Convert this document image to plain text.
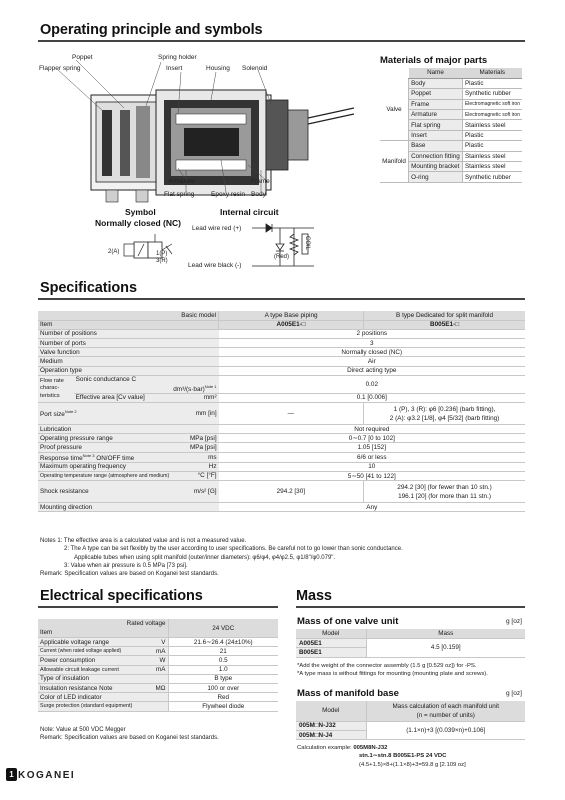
Operating principle and symbols
Poppet	Spring holder
Flapper spring	Insert	Housing Solenoid
Armature	Frame
Flat spring	Epoxy resin Body
Symbol
Normally closed (NC)
2(A)	1(P)
3(R)
Internal circuit
Lead wire red (+)
Lead wire black (-)
(Red)
COIL
Materials of major parts
	Name	Materials
Valve	Body	Plastic
	Poppet	Synthetic rubber
	Frame	Electromagnetic soft iron
	Armature	Electromagnetic soft iron
	Flat spring	Stainless steel
	Insert	Plastic
Manifold	Base	Plastic
	Connection fitting	Stainless steel
	Mounting bracket	Stainless steel
	O-ring	Synthetic rubber
Specifications
Basic model			A type Base piping	B type Dedicated for split manifold
Item			A005E1-□	B005E1-□
Number of positions			2 positions	
Number of ports			3	
Valve function			Normally closed (NC)	
Medium			Air	
Operation type			Direct acting type	
Flow rate
charac-
teristics	Sonic conductance C	dm³/$(s\cdot bar)^{Note 1}$	0.02	
	Effective area [Cv value]	mm²	0.1 [0.006]	
Port size$^{Note 2}$		mm [in]	—	1 (P), 3 (R): φ6 [0.236] (barb fitting),
2 (A): φ3.2 [1/8], φ4 [5/32] (barb fitting)
Lubrication			Not required	
Operating pressure range		MPa [psi]	0∼0.7 [0 to 102]	
Proof pressure		MPa [psi]	1.05 [152]	
Response time$^{Note 3}$ ON/OFF time		ms	6/6 or less	
Maximum operating frequency		Hz	10	
Operating temperature range (atmosphere and medium)		°C [°F]	5∼50 [41 to 122]	
Shock resistance		m/s² [G]	294.2 [30]	294.2 [30] (for fewer than 10 stn.)
196.1 [20] (for more than 11 stn.)
Mounting direction			Any	
Notes 1: The effective area is a calculated value and is not a measured value.
2: The A type can be set flexibly by the user according to user specifications. Be careful not to go lower than sonic conductance.
Applicable tubes when using split manifold (outer/inner diameters): φ6/φ4, φ4/φ2.5, φ1/8"/φ0.079".
3: Value when air pressure is 0.5 MPa [73 psi].
Remark: Specification values are based on Koganei test standards.
Electrical specifications
Rated voltage
Item		24 VDC
Applicable voltage range	V	21.6∼26.4 (24±10%)
Current (when rated voltage applied)	mA	21
Power consumption	W	0.5
Allowable circuit leakage current	mA	1.0
Type of insulation		B type
Insulation resistance Note	MΩ	100 or over
Color of LED indicator		Red
Surge protection (standard equipment)		Flywheel diode
Note: Value at 500 VDC Megger
Remark: Specification values are based on Koganei test standards.
Mass
Mass of one valve unit	g [oz]
Model	Mass
A005E1	4.5 [0.159]
B005E1	
*Add the weight of the connector assembly (1.5 g [0.529 oz]) for -PS.
*A type mass is without fittings for mounting (mounting plate and screws).
Mass of manifold base	g [oz]
Model	Mass calculation of each manifold unit
(n = number of units)

005M□N-J32	(1.1×n)+3 [(0.039×n)+0.106]
005M□N-J4	
Calculation example: 005M8N-J32
stn.1∼stn.8 B005E1-PS 24 VDC
(4.5+1.5)×8+(1.1×8)+3=59.8 g [2.109 oz]
1 KOGANEI
